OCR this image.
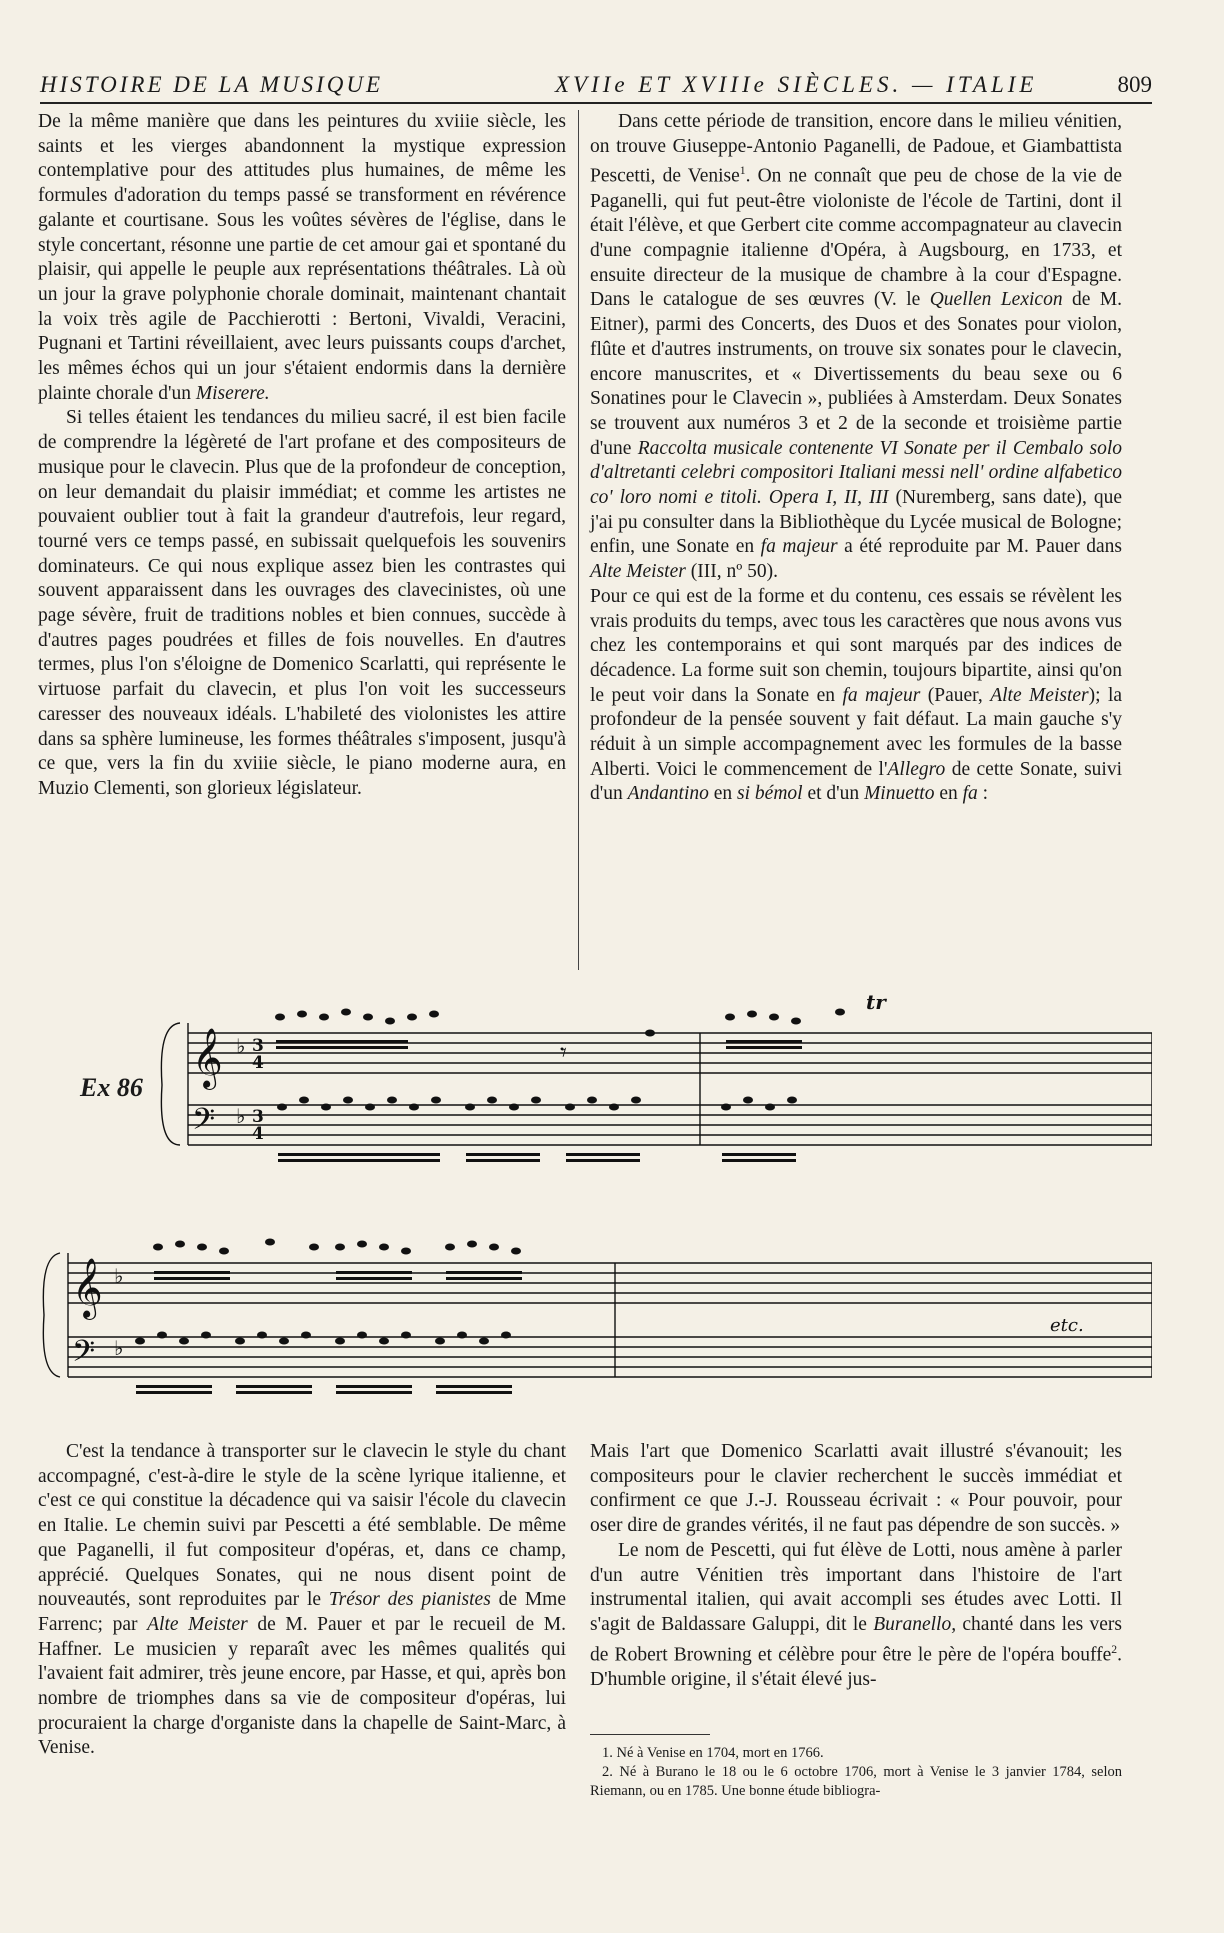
HISTOIRE DE LA MUSIQUE	XVIIe ET XVIIIe SIÈCLES. — ITALIE	809

De la même manière que dans les peintures du xviiie siècle, les saints et les vierges abandonnent la mystique expression contemplative pour des attitudes plus humaines, de même les formules d'adoration du temps passé se transforment en révérence galante et courtisane. Sous les voûtes sévères de l'église, dans le style concertant, résonne une partie de cet amour gai et spontané du plaisir, qui appelle le peuple aux représentations théâtrales. Là où un jour la grave polyphonie chorale dominait, maintenant chantait la voix très agile de Pacchierotti : Bertoni, Vivaldi, Veracini, Pugnani et Tartini réveillaient, avec leurs puissants coups d'archet, les mêmes échos qui un jour s'étaient endormis dans la dernière plainte chorale d'un Miserere.

Si telles étaient les tendances du milieu sacré, il est bien facile de comprendre la légèreté de l'art profane et des compositeurs de musique pour le clavecin. Plus que de la profondeur de conception, on leur demandait du plaisir immédiat; et comme les artistes ne pouvaient oublier tout à fait la grandeur d'autrefois, leur regard, tourné vers ce temps passé, en subissait quelquefois les souvenirs dominateurs. Ce qui nous explique assez bien les contrastes qui souvent apparaissent dans les ouvrages des clavecinistes, où une page sévère, fruit de traditions nobles et bien connues, succède à d'autres pages poudrées et filles de fois nouvelles. En d'autres termes, plus l'on s'éloigne de Domenico Scarlatti, qui représente le virtuose parfait du clavecin, et plus l'on voit les successeurs caresser des nouveaux idéals. L'habileté des violonistes les attire dans sa sphère lumineuse, les formes théâtrales s'imposent, jusqu'à ce que, vers la fin du xviiie siècle, le piano moderne aura, en Muzio Clementi, son glorieux législateur.

Dans cette période de transition, encore dans le milieu vénitien, on trouve Giuseppe-Antonio Paganelli, de Padoue, et Giambattista Pescetti, de Venise$^1$. On ne connaît que peu de chose de la vie de Paganelli, qui fut peut-être violoniste de l'école de Tartini, dont il était l'élève, et que Gerbert cite comme accompagnateur au clavecin d'une compagnie italienne d'Opéra, à Augsbourg, en 1733, et ensuite directeur de la musique de chambre à la cour d'Espagne. Dans le catalogue de ses œuvres (V. le Quellen Lexicon de M. Eitner), parmi des Concerts, des Duos et des Sonates pour violon, flûte et d'autres instruments, on trouve six sonates pour le clavecin, encore manuscrites, et « Divertissements du beau sexe ou 6 Sonatines pour le Clavecin », publiées à Amsterdam. Deux Sonates se trouvent aux numéros 3 et 2 de la seconde et troisième partie d'une Raccolta musicale contenente VI Sonate per il Cembalo solo d'altretanti celebri compositori Italiani messi nell' ordine alfabetico co' loro nomi e titoli. Opera I, II, III (Nuremberg, sans date), que j'ai pu consulter dans la Bibliothèque du Lycée musical de Bologne; enfin, une Sonate en fa majeur a été reproduite par M. Pauer dans Alte Meister (III, nº 50).

Pour ce qui est de la forme et du contenu, ces essais se révèlent les vrais produits du temps, avec tous les caractères que nous avons vus chez les contemporains et qui sont marqués par des indices de décadence. La forme suit son chemin, toujours bipartite, ainsi qu'on le peut voir dans la Sonate en fa majeur (Pauer, Alte Meister); la profondeur de la pensée souvent y fait défaut. La main gauche s'y réduit à un simple accompagnement avec les formules de la basse Alberti. Voici le commencement de l'Allegro de cette Sonate, suivi d'un Andantino en si bémol et d'un Minuetto en fa :

Ex 86 𝄞
𝄢
♭
♭
3
4
3
4
𝄾
tr
𝄞
𝄢
♭
♭
etc.

C'est la tendance à transporter sur le clavecin le style du chant accompagné, c'est-à-dire le style de la scène lyrique italienne, et c'est ce qui constitue la décadence qui va saisir l'école du clavecin en Italie. Le chemin suivi par Pescetti a été semblable. De même que Paganelli, il fut compositeur d'opéras, et, dans ce champ, apprécié. Quelques Sonates, qui ne nous disent point de nouveautés, sont reproduites par le Trésor des pianistes de Mme Farrenc; par Alte Meister de M. Pauer et par le recueil de M. Haffner. Le musicien y reparaît avec les mêmes qualités qui l'avaient fait admirer, très jeune encore, par Hasse, et qui, après bon nombre de triomphes dans sa vie de compositeur d'opéras, lui procuraient la charge d'organiste dans la chapelle de Saint-Marc, à Venise.

Mais l'art que Domenico Scarlatti avait illustré s'évanouit; les compositeurs pour le clavier recherchent le succès immédiat et confirment ce que J.-J. Rousseau écrivait : « Pour pouvoir, pour oser dire de grandes vérités, il ne faut pas dépendre de son succès. »

Le nom de Pescetti, qui fut élève de Lotti, nous amène à parler d'un autre Vénitien très important dans l'histoire de l'art instrumental italien, qui avait accompli ses études avec Lotti. Il s'agit de Baldassare Galuppi, dit le Buranello, chanté dans les vers de Robert Browning et célèbre pour être le père de l'opéra bouffe$^2$. D'humble origine, il s'était élevé jus-

1. Né à Venise en 1704, mort en 1766.

2. Né à Burano le 18 ou le 6 octobre 1706, mort à Venise le 3 janvier 1784, selon Riemann, ou en 1785. Une bonne étude bibliogra-
